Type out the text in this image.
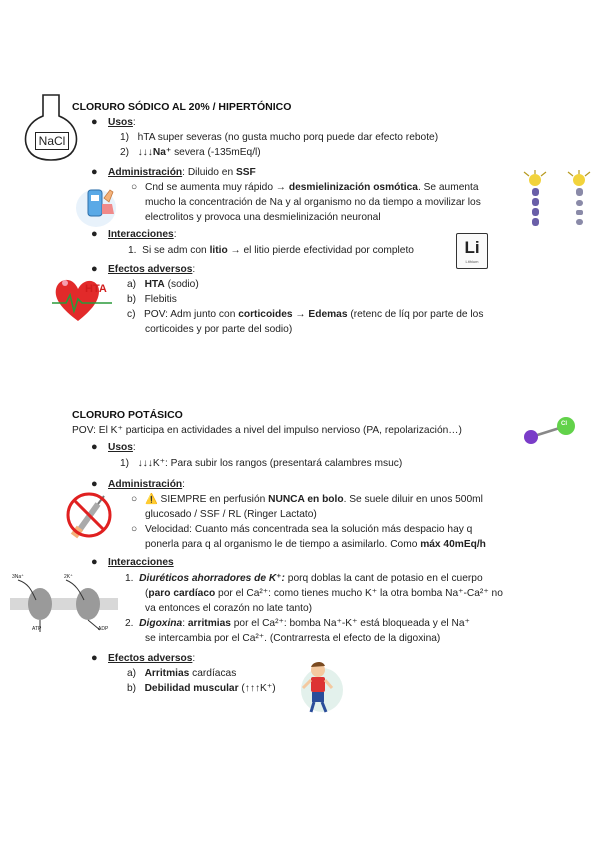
NaCl
CLORURO SÓDICO AL 20% / HIPERTÓNICO
● Usos:
1) hTA super severas (no gusta mucho porq puede dar efecto rebote)
2) ↓↓↓Na⁺ severa (-135mEq/l)
● Administración: Diluido en SSF
○ Cnd se aumenta muy rápido → desmielinización osmótica. Se aumenta
mucho la concentración de Na y al organismo no da tiempo a movilizar los
electrolitos y provoca una desmielinización neuronal
● Interacciones:
1. Si se adm con litio → el litio pierde efectividad por completo	Li
Lithium
● Efectos adversos:
a) HTA (sodio)
b) Flebitis
c) POV: Adm junto con corticoides → Edemas (retenc de líq por parte de los
corticoides y por parte del sodio)
HTA
CLORURO POTÁSICO
POV: El K⁺ participa en actividades a nivel del impulso nervioso (PA, repolarización…)
Cl
● Usos:
1) ↓↓↓K⁺: Para subir los rangos (presentará calambres msuc)
● Administración:
○ ⚠️ SIEMPRE en perfusión NUNCA en bolo. Se suele diluir en unos 500ml
glucosado / SSF / RL (Ringer Lactato)
○ Velocidad: Cuanto más concentrada sea la solución más despacio hay q
ponerla para q al organismo le de tiempo a asimilarlo. Como máx 40mEq/h
● Interacciones
1. Diuréticos ahorradores de K⁺: porq doblas la cant de potasio en el cuerpo
(paro cardíaco por el Ca²⁺: como tienes mucho K⁺ la otra bomba Na⁺-Ca²⁺ no
va entonces el corazón no late tanto)
2. Digoxina: arritmias por el Ca²⁺: bomba Na⁺-K⁺ está bloqueada y el Na⁺
se intercambia por el Ca²⁺. (Contrarresta el efecto de la digoxina)
3Na⁺	2K⁺
ATP	ADP
● Efectos adversos:
a) Arritmias cardíacas
b) Debilidad muscular (↑↑↑K⁺)
